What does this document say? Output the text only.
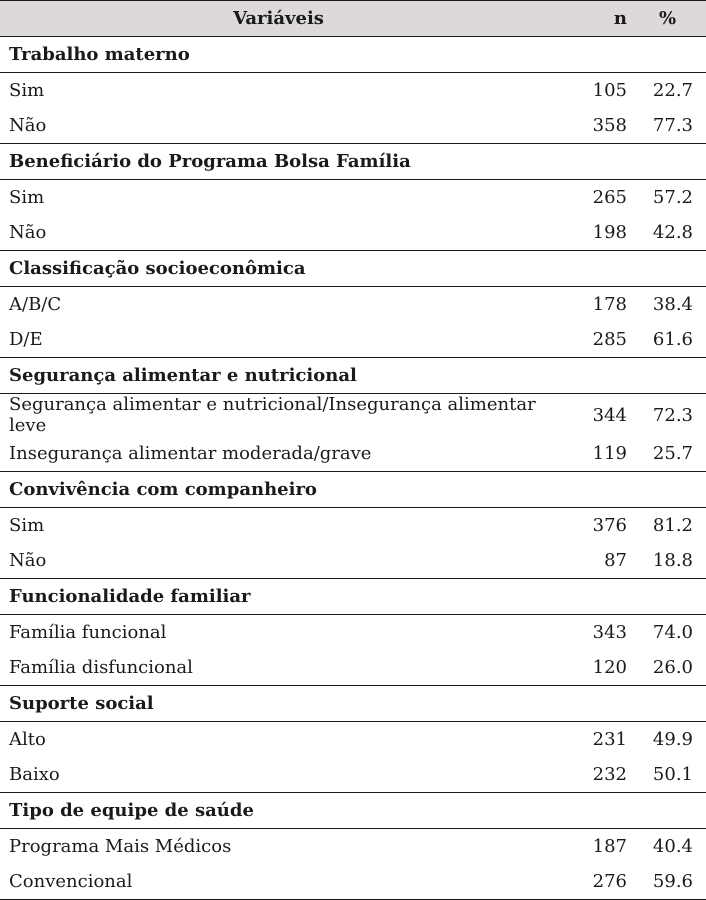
Variáveis	n	%
Trabalho materno		
Sim	105	22.7
Não	358	77.3
Beneficiário do Programa Bolsa Família		
Sim	265	57.2
Não	198	42.8
Classificação socioeconômica		
A/B/C	178	38.4
D/E	285	61.6
Segurança alimentar e nutricional		
Segurança alimentar e nutricional/Insegurança alimentar leve	344	72.3
Insegurança alimentar moderada/grave	119	25.7
Convivência com companheiro		
Sim	376	81.2
Não	87	18.8
Funcionalidade familiar		
Família funcional	343	74.0
Família disfuncional	120	26.0
Suporte social		
Alto	231	49.9
Baixo	232	50.1
Tipo de equipe de saúde		
Programa Mais Médicos	187	40.4
Convencional	276	59.6
